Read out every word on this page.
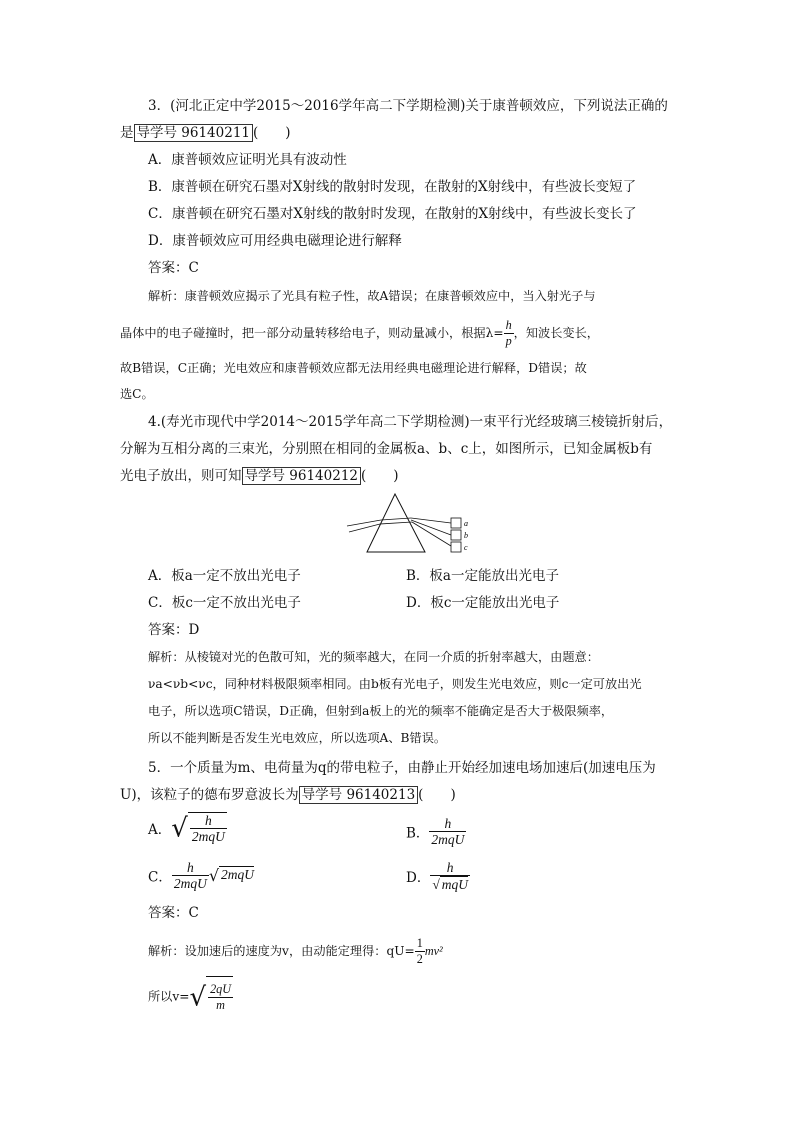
3．(河北正定中学2015～2016学年高二下学期检测)关于康普顿效应，下列说法正确的
是 导学号 96140211 (　　)
A．康普顿效应证明光具有波动性
B．康普顿在研究石墨对X射线的散射时发现，在散射的X射线中，有些波长变短了
C．康普顿在研究石墨对X射线的散射时发现，在散射的X射线中，有些波长变长了
D．康普顿效应可用经典电磁理论进行解释
答案：C
解析：康普顿效应揭示了光具有粒子性，故A错误；在康普顿效应中，当入射光子与
晶体中的电子碰撞时，把一部分动量转移给电子，则动量减小，根据$\lambda= \frac{h}{p}$ ，知波长变长，
故B错误，C正确；光电效应和康普顿效应都无法用经典电磁理论进行解释，D错误；故
选C。
4.(寿光市现代中学2014～2015学年高二下学期检测)一束平行光经玻璃三棱镜折射后，
分解为互相分离的三束光，分别照在相同的金属板a、b、c上，如图所示，已知金属板b有
光电子放出，则可知 导学号 96140212 (　　)
a
b
c
A．板a一定不放出光电子	B．板a一定能放出光电子
C．板c一定不放出光电子	D．板c一定能放出光电子
答案：D
解析：从棱镜对光的色散可知，光的频率越大，在同一介质的折射率越大，由题意：
νa<νb<νc，同种材料极限频率相同。由b板有光电子，则发生光电效应，则c一定可放出光
电子，所以选项C错误，D正确，但射到a板上的光的频率不能确定是否大于极限频率，
所以不能判断是否发生光电效应，所以选项A、B错误。
5．一个质量为m、电荷量为q的带电粒子，由静止开始经加速电场加速后(加速电压为
U)，该粒子的德布罗意波长为 导学号 96140213 (　　)
A．√ $\frac{h}{\text{2mqU}}$	B． $\frac{h}{\text{2mqU}}$
C． $\frac{h}{\text{2mqU}}$ √ 2mqU	D． $\frac{h}{\text{√ mqU}}$
答案：C
解析：设加速后的速度为v，由动能定理得：$qU= \frac{1}{2} mv^2$
所以$v=√ \frac{2qU}{m}$
